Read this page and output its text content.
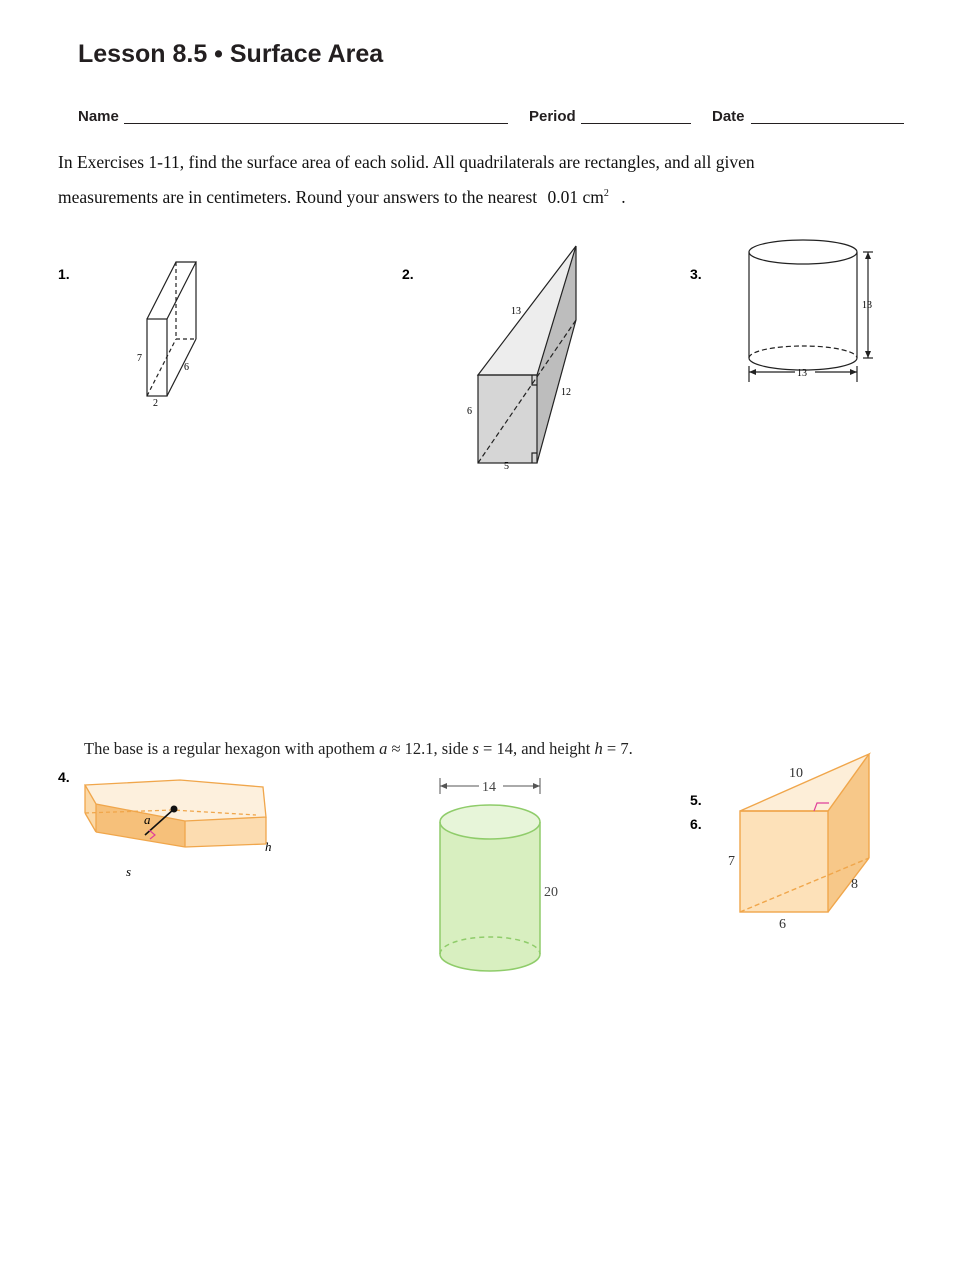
Lesson 8.5 • Surface Area
Name	Period	Date
In Exercises 1-11, find the surface area of each solid. All quadrilaterals are rectangles, and all given
measurements are in centimeters. Round your answers to the nearest 0.01 $cm^2$ .
1.	2.	3.
4.
5.
6.
7
6
2
13
12
6
5
13
13
The base is a regular hexagon with apothem a ≈ 12.1, side s = 14, and height h = 7.
a
h
s
14
20
10
7
8
6
